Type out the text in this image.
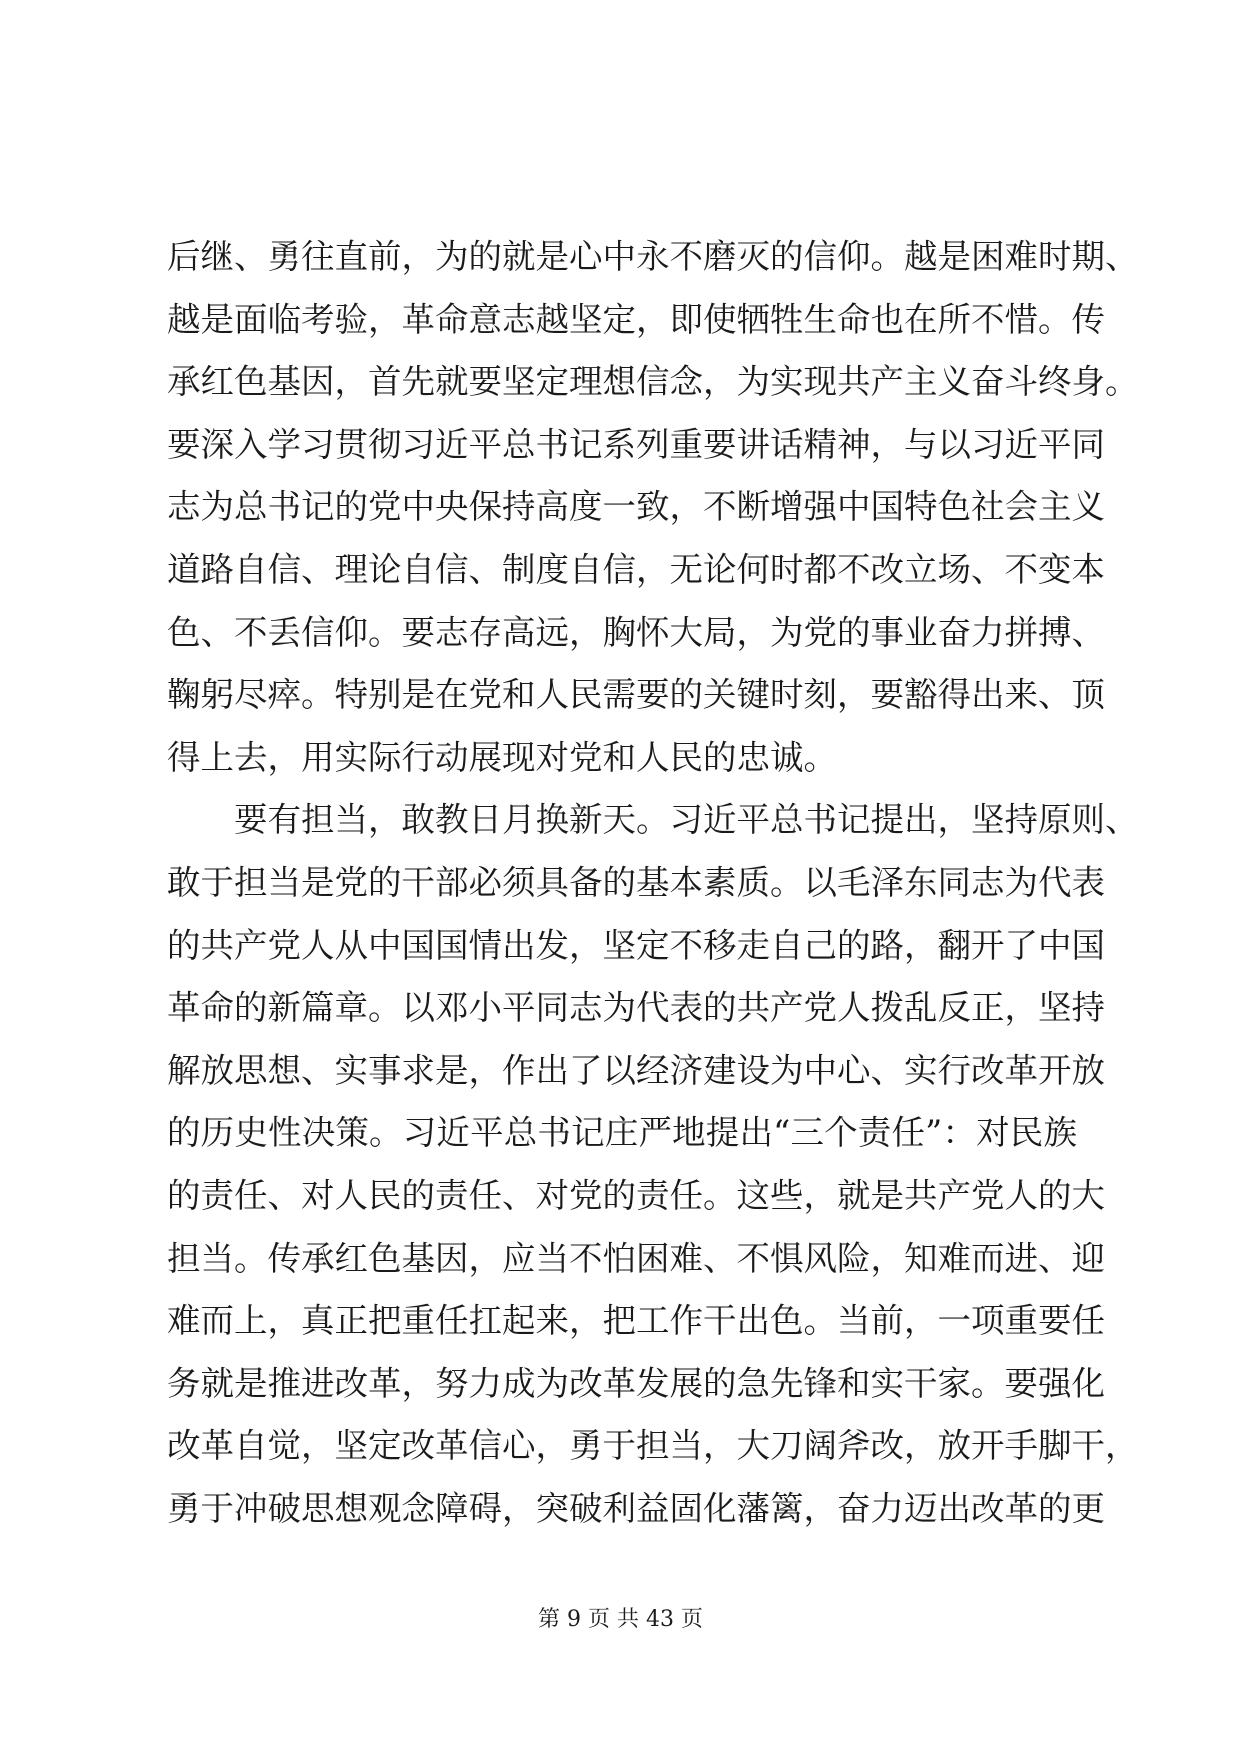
后继、勇往直前，为的就是心中永不磨灭的信仰。越是困难时期、
越是面临考验，革命意志越坚定，即使牺牲生命也在所不惜。传
承红色基因，首先就要坚定理想信念，为实现共产主义奋斗终身。
要深入学习贯彻习近平总书记系列重要讲话精神，与以习近平同
志为总书记的党中央保持高度一致，不断增强中国特色社会主义
道路自信、理论自信、制度自信，无论何时都不改立场、不变本
色、不丢信仰。要志存高远，胸怀大局，为党的事业奋力拼搏、
鞠躬尽瘁。特别是在党和人民需要的关键时刻，要豁得出来、顶
得上去，用实际行动展现对党和人民的忠诚。
要有担当，敢教日月换新天。习近平总书记提出，坚持原则、
敢于担当是党的干部必须具备的基本素质。以毛泽东同志为代表
的共产党人从中国国情出发，坚定不移走自己的路，翻开了中国
革命的新篇章。以邓小平同志为代表的共产党人拨乱反正，坚持
解放思想、实事求是，作出了以经济建设为中心、实行改革开放
的历史性决策。习近平总书记庄严地提出“三个责任”：对民族
的责任、对人民的责任、对党的责任。这些，就是共产党人的大
担当。传承红色基因，应当不怕困难、不惧风险，知难而进、迎
难而上，真正把重任扛起来，把工作干出色。当前，一项重要任
务就是推进改革，努力成为改革发展的急先锋和实干家。要强化
改革自觉，坚定改革信心，勇于担当，大刀阔斧改，放开手脚干，
勇于冲破思想观念障碍，突破利益固化藩篱，奋力迈出改革的更
第 9 页 共 43 页
